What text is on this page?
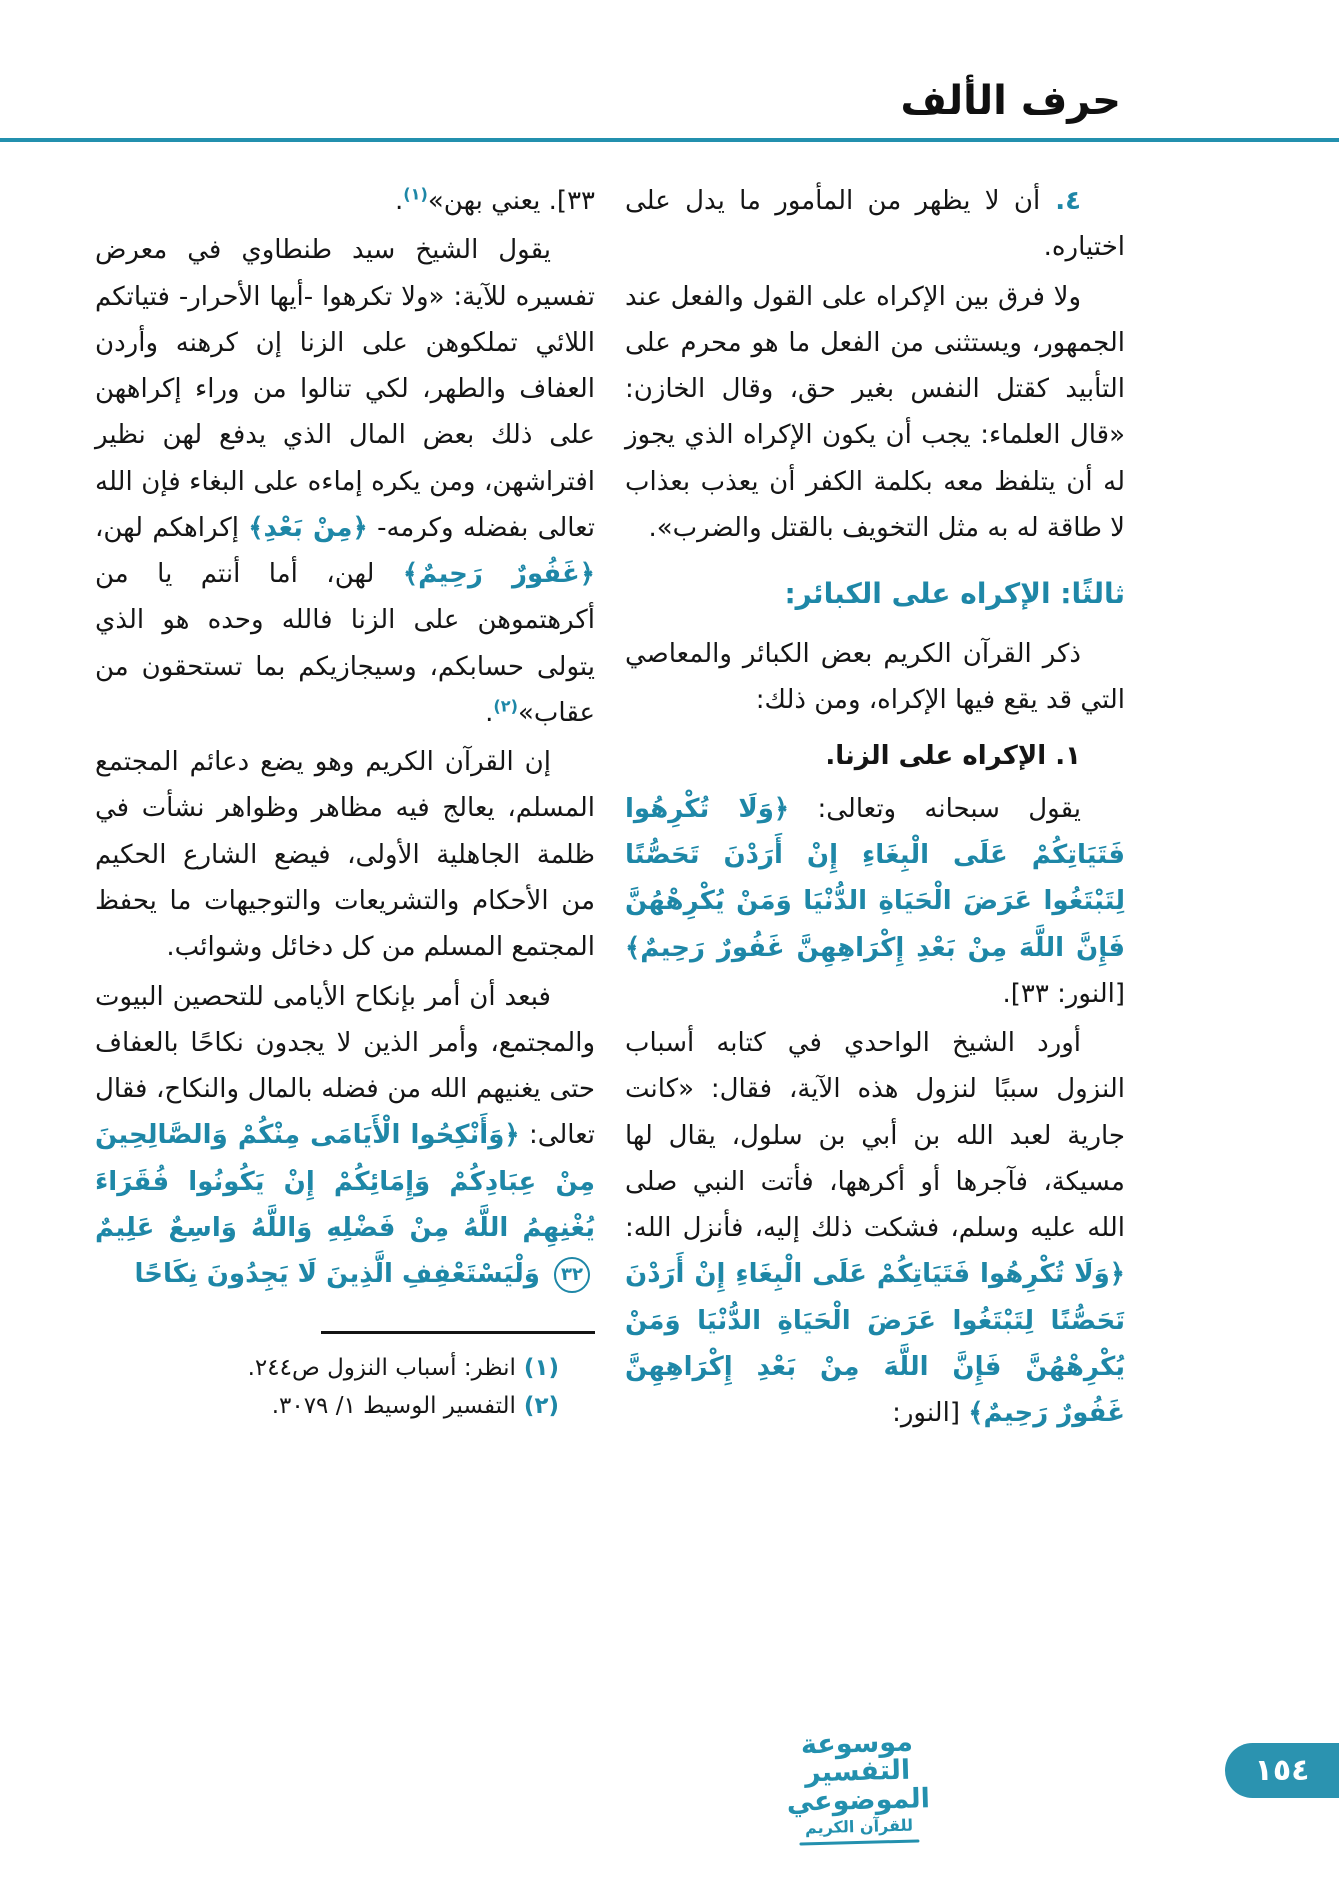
حرف الألف

٤. أن لا يظهر من المأمور ما يدل على اختياره.

ولا فرق بين الإكراه على القول والفعل عند الجمهور، ويستثنى من الفعل ما هو محرم على التأبيد كقتل النفس بغير حق، وقال الخازن: «قال العلماء: يجب أن يكون الإكراه الذي يجوز له أن يتلفظ معه بكلمة الكفر أن يعذب بعذاب لا طاقة له به مثل التخويف بالقتل والضرب».

ثالثًا: الإكراه على الكبائر:

ذكر القرآن الكريم بعض الكبائر والمعاصي التي قد يقع فيها الإكراه، ومن ذلك:

١. الإكراه على الزنا.

يقول سبحانه وتعالى: ﴿وَلَا تُكْرِهُوا فَتَيَاتِكُمْ عَلَى الْبِغَاءِ إِنْ أَرَدْنَ تَحَصُّنًا لِتَبْتَغُوا عَرَضَ الْحَيَاةِ الدُّنْيَا وَمَنْ يُكْرِهْهُنَّ فَإِنَّ اللَّهَ مِنْ بَعْدِ إِكْرَاهِهِنَّ غَفُورٌ رَحِيمٌ﴾ [النور: ٣٣].

أورد الشيخ الواحدي في كتابه أسباب النزول سببًا لنزول هذه الآية، فقال: «كانت جارية لعبد الله بن أبي بن سلول، يقال لها مسيكة، فآجرها أو أكرهها، فأتت النبي صلى الله عليه وسلم، فشكت ذلك إليه، فأنزل الله: ﴿وَلَا تُكْرِهُوا فَتَيَاتِكُمْ عَلَى الْبِغَاءِ إِنْ أَرَدْنَ تَحَصُّنًا لِتَبْتَغُوا عَرَضَ الْحَيَاةِ الدُّنْيَا وَمَنْ يُكْرِهْهُنَّ فَإِنَّ اللَّهَ مِنْ بَعْدِ إِكْرَاهِهِنَّ غَفُورٌ رَحِيمٌ﴾ [النور:

٣٣]. يعني بهن»$^{(١)}$.

يقول الشيخ سيد طنطاوي في معرض تفسيره للآية: «ولا تكرهوا -أيها الأحرار- فتياتكم اللائي تملكوهن على الزنا إن كرهنه وأردن العفاف والطهر، لكي تنالوا من وراء إكراههن على ذلك بعض المال الذي يدفع لهن نظير افتراشهن، ومن يكره إماءه على البغاء فإن الله تعالى بفضله وكرمه- ﴿مِنْ بَعْدِ﴾ إكراهكم لهن، ﴿غَفُورٌ رَحِيمٌ﴾ لهن، أما أنتم يا من أكرهتموهن على الزنا فالله وحده هو الذي يتولى حسابكم، وسيجازيكم بما تستحقون من عقاب»$^{(٢)}$.

إن القرآن الكريم وهو يضع دعائم المجتمع المسلم، يعالج فيه مظاهر وظواهر نشأت في ظلمة الجاهلية الأولى، فيضع الشارع الحكيم من الأحكام والتشريعات والتوجيهات ما يحفظ المجتمع المسلم من كل دخائل وشوائب.

فبعد أن أمر بإنكاح الأيامى للتحصين البيوت والمجتمع، وأمر الذين لا يجدون نكاحًا بالعفاف حتى يغنيهم الله من فضله بالمال والنكاح، فقال تعالى: ﴿وَأَنْكِحُوا الْأَيَامَى مِنْكُمْ وَالصَّالِحِينَ مِنْ عِبَادِكُمْ وَإِمَائِكُمْ إِنْ يَكُونُوا فُقَرَاءَ يُغْنِهِمُ اللَّهُ مِنْ فَضْلِهِ وَاللَّهُ وَاسِعٌ عَلِيمٌ ٣٢ وَلْيَسْتَعْفِفِ الَّذِينَ لَا يَجِدُونَ نِكَاحًا

(١)انظر: أسباب النزول ص٢٤٤.

(٢)التفسير الوسيط ١/ ٣٠٧٩.

موسوعة التفسير الموضوعي
للقرآن الكريم
١٥٤
